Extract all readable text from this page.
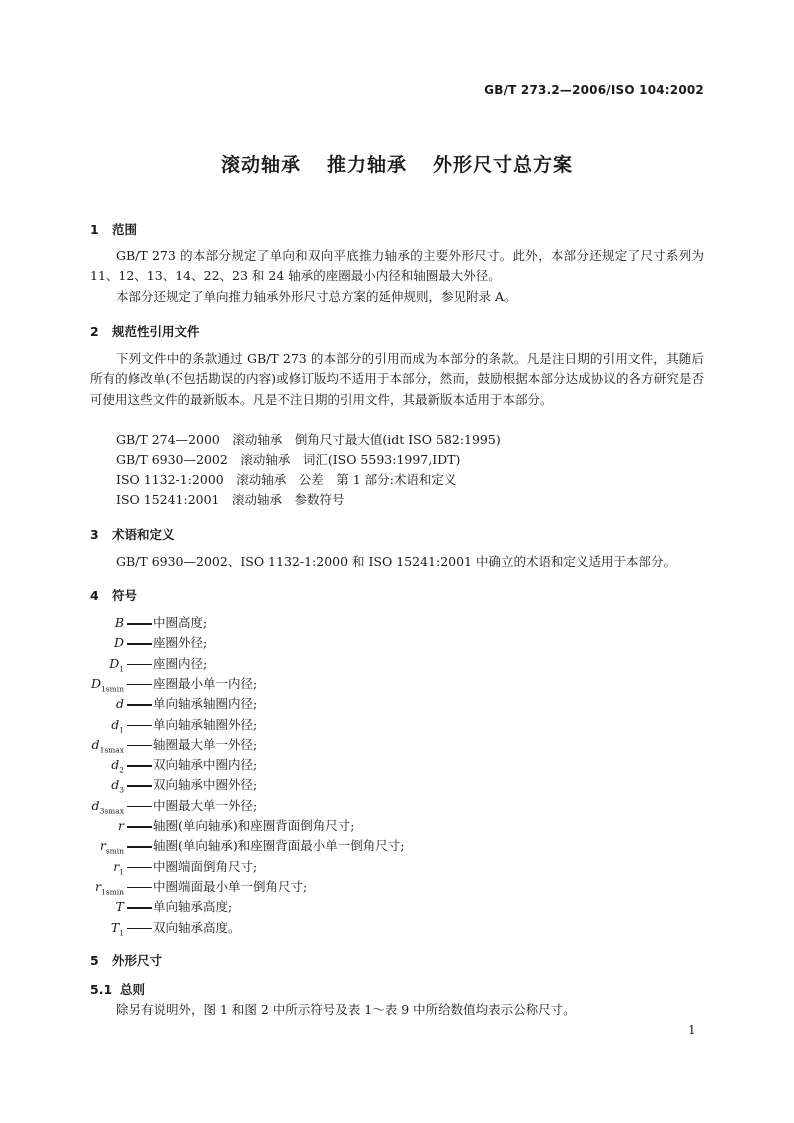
GB/T 273.2—2006/ISO 104:2002
滚动轴承 推力轴承 外形尺寸总方案
1 范围
GB/T 273 的本部分规定了单向和双向平底推力轴承的主要外形尺寸。此外，本部分还规定了尺寸系列为 11、12、13、14、22、23 和 24 轴承的座圈最小内径和轴圈最大外径。
本部分还规定了单向推力轴承外形尺寸总方案的延伸规则，参见附录 A。
2 规范性引用文件
下列文件中的条款通过 GB/T 273 的本部分的引用而成为本部分的条款。凡是注日期的引用文件，其随后所有的修改单(不包括勘误的内容)或修订版均不适用于本部分，然而，鼓励根据本部分达成协议的各方研究是否可使用这些文件的最新版本。凡是不注日期的引用文件，其最新版本适用于本部分。
GB/T 274—2000　滚动轴承　倒角尺寸最大值(idt ISO 582:1995)
GB/T 6930—2002　滚动轴承　词汇(ISO 5593:1997,IDT)
ISO 1132-1:2000　滚动轴承　公差　第 1 部分:术语和定义
ISO 15241:2001　滚动轴承　参数符号
3 术语和定义
GB/T 6930—2002、ISO 1132-1:2000 和 ISO 15241:2001 中确立的术语和定义适用于本部分。
4 符号
B 中圈高度;
D 座圈外径;
$D_1$ 座圈内径;
$D_{1smin}$ 座圈最小单一内径;
d 单向轴承轴圈内径;
$d_1$ 单向轴承轴圈外径;
$d_{1smax}$ 轴圈最大单一外径;
$d_2$ 双向轴承中圈内径;
$d_3$ 双向轴承中圈外径;
$d_{3smax}$ 中圈最大单一外径;
r 轴圈(单向轴承)和座圈背面倒角尺寸;
$r_{smin}$ 轴圈(单向轴承)和座圈背面最小单一倒角尺寸;
$r_1$ 中圈端面倒角尺寸;
$r_{1smin}$ 中圈端面最小单一倒角尺寸;
T 单向轴承高度;
$T_1$ 双向轴承高度。
5 外形尺寸
5.1 总则
除另有说明外，图 1 和图 2 中所示符号及表 1～表 9 中所给数值均表示公称尺寸。
1
